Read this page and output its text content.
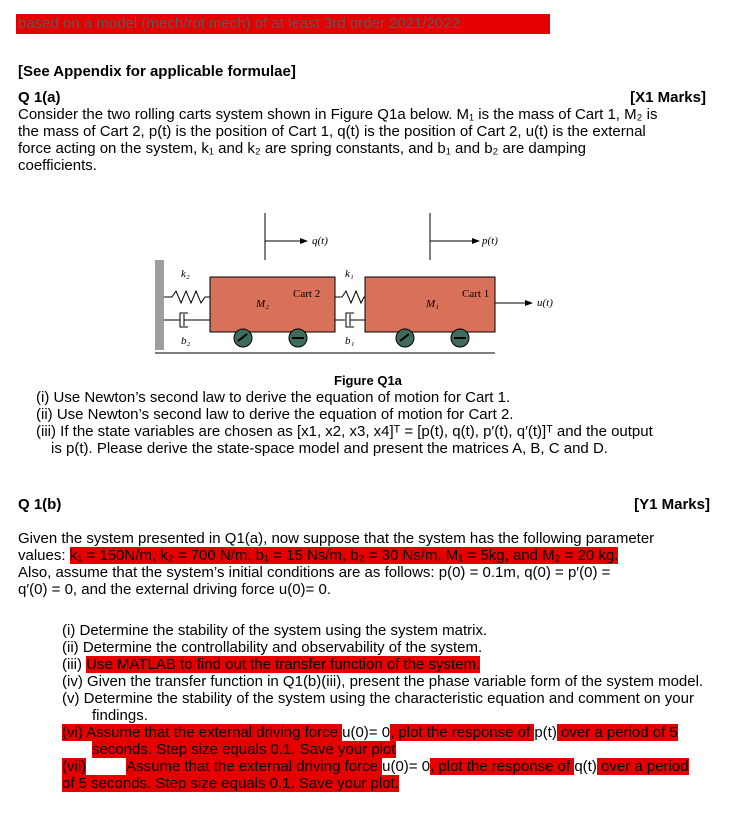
based on a model (mech/rot mech) of at least 3rd order 2021/2022
[See Appendix for applicable formulae]
Q 1(a)	[X1 Marks]
Consider the two rolling carts system shown in Figure Q1a below. M₁ is the mass of Cart 1, M₂ is
the mass of Cart 2, p(t) is the position of Cart 1, q(t) is the position of Cart 2, u(t) is the external
force acting on the system, k₁ and k₂ are spring constants, and b₁ and b₂ are damping
coefficients.
q(t)	p(t)
u(t)
k₂	k₁
b₂	b₁
Cart 2	Cart 1
M₂	M₁
Figure Q1a
(i) Use Newton’s second law to derive the equation of motion for Cart 1.
(ii) Use Newton’s second law to derive the equation of motion for Cart 2.
(iii) If the state variables are chosen as [x1, x2, x3, x4]ᵀ = [p(t), q(t), p′(t), q′(t)]ᵀ and the output
is p(t). Please derive the state-space model and present the matrices A, B, C and D.
Q 1(b)	[Y1 Marks]
Given the system presented in Q1(a), now suppose that the system has the following parameter
values: k₁ = 150N/m, k₂ = 700 N/m, b₁ = 15 Ns/m, b₂ = 30 Ns/m, M₁ = 5kg, and M₂ = 20 kg.
Also, assume that the system’s initial conditions are as follows: p(0) = 0.1m, q(0) = p′(0) =
q′(0) = 0, and the external driving force u(0)= 0.
(i) Determine the stability of the system using the system matrix.
(ii) Determine the controllability and observability of the system.
(iii) Use MATLAB to find out the transfer function of the system.
(iv) Given the transfer function in Q1(b)(iii), present the phase variable form of the system model.
(v) Determine the stability of the system using the characteristic equation and comment on your
findings.
(vi) Assume that the external driving force u(0)= 0, plot the response of p(t) over a period of 5
seconds. Step size equals 0.1. Save your plot
(vii)	Assume that the external driving force u(0)= 0, plot the response of q(t) over a period
of 5 seconds. Step size equals 0.1. Save your plot.
